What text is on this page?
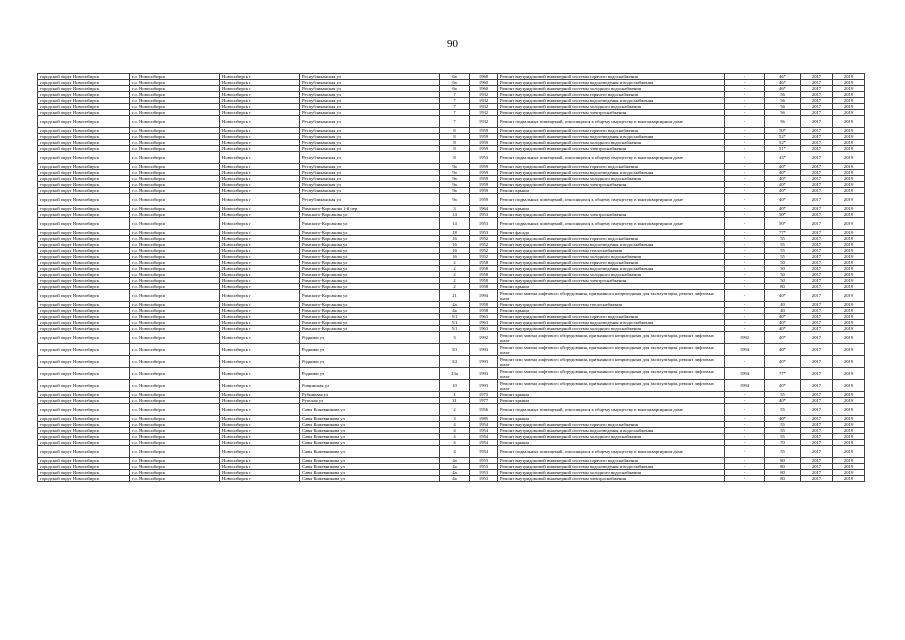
90
городской округ Новосибирск	г.о. Новосибирск	Новосибирск г	Республиканская ул	6а	1960	Ремонт внутридомовой инженерной системы горячего водоснабжения	-	46*	2017	2019
городской округ Новосибирск	г.о. Новосибирск	Новосибирск г	Республиканская ул	6а	1960	Ремонт внутридомовой инженерной системы водоотведения и водоснабжения	-	46*	2017	2019
городской округ Новосибирск	г.о. Новосибирск	Новосибирск г	Республиканская ул	6а	1960	Ремонт внутридомовой инженерной системы холодного водоснабжения	-	46*	2017	2019
городской округ Новосибирск	г.о. Новосибирск	Новосибирск г	Республиканская ул	7	1932	Ремонт внутридомовой инженерной системы горячего водоснабжения	-	56	2017	2019
городской округ Новосибирск	г.о. Новосибирск	Новосибирск г	Республиканская ул	7	1932	Ремонт внутридомовой инженерной системы водоотведения и водоснабжения	-	56	2017	2019
городской округ Новосибирск	г.о. Новосибирск	Новосибирск г	Республиканская ул	7	1932	Ремонт внутридомовой инженерной системы холодного водоснабжения	-	56	2017	2019
городской округ Новосибирск	г.о. Новосибирск	Новосибирск г	Республиканская ул	7	1932	Ремонт внутридомовой инженерной системы электроснабжения	-	56	2017	2019
городской округ Новосибирск	г.о. Новосибирск	Новосибирск г	Республиканская ул	7	1932	Ремонт подвальных помещений, относящихся к общему имуществу в многоквартирном доме	-	56	2017	2019
городской округ Новосибирск	г.о. Новосибирск	Новосибирск г	Республиканская ул	8	1959	Ремонт внутридомовой инженерной системы горячего водоснабжения	-	50*	2017	2019
городской округ Новосибирск	г.о. Новосибирск	Новосибирск г	Республиканская ул	8	1959	Ремонт внутридомовой инженерной системы водоотведения и водоснабжения	-	52*	2017	2019
городской округ Новосибирск	г.о. Новосибирск	Новосибирск г	Республиканская ул	8	1959	Ремонт внутридомовой инженерной системы холодного водоснабжения	-	52*	2017	2019
городской округ Новосибирск	г.о. Новосибирск	Новосибирск г	Республиканская ул	8	1959	Ремонт внутридомовой инженерной системы электроснабжения	-	51*	2017	2019
городской округ Новосибирск	г.о. Новосибирск	Новосибирск г	Республиканская ул	8	1953	Ремонт подвальных помещений, относящихся к общему имуществу в многоквартирном доме	-	43*	2017	2019
городской округ Новосибирск	г.о. Новосибирск	Новосибирск г	Республиканская ул	9а	1959	Ремонт внутридомовой инженерной системы горячего водоснабжения	-	40*	2017	2019
городской округ Новосибирск	г.о. Новосибирск	Новосибирск г	Республиканская ул	9а	1959	Ремонт внутридомовой инженерной системы водоотведения и водоснабжения	-	40*	2017	2019
городской округ Новосибирск	г.о. Новосибирск	Новосибирск г	Республиканская ул	9а	1959	Ремонт внутридомовой инженерной системы холодного водоснабжения	-	40*	2017	2019
городской округ Новосибирск	г.о. Новосибирск	Новосибирск г	Республиканская ул	9а	1959	Ремонт внутридомовой инженерной системы электроснабжения	-	40*	2017	2019
городской округ Новосибирск	г.о. Новосибирск	Новосибирск г	Республиканская ул	9а	1959	Ремонт крыши	-	40*	2017	2019
городской округ Новосибирск	г.о. Новосибирск	Новосибирск г	Республиканская ул	9а	1959	Ремонт подвальных помещений, относящихся к общему имуществу в многоквартирном доме	-	40*	2017	2019
городской округ Новосибирск	г.о. Новосибирск	Новосибирск г	Римского-Корсакова 1-й пер	3	1964	Ремонт крыши	-	40*	2017	2019
городской округ Новосибирск	г.о. Новосибирск	Новосибирск г	Римского-Корсакова ул	14	1953	Ремонт внутридомовой инженерной системы электроснабжения	-	50*	2017	2019
городской округ Новосибирск	г.о. Новосибирск	Новосибирск г	Римского-Корсакова ул	14	1953	Ремонт подвальных помещений, относящихся к общему имуществу в многоквартирном доме	-	50*	2017	2019
городской округ Новосибирск	г.о. Новосибирск	Новосибирск г	Римского-Корсакова ул	18	1953	Ремонт фасада	-	77*	2017	2019
городской округ Новосибирск	г.о. Новосибирск	Новосибирск г	Римского-Корсакова ул	16	1952	Ремонт внутридомовой инженерной системы горячего водоснабжения	-	55	2017	2019
городской округ Новосибирск	г.о. Новосибирск	Новосибирск г	Римского-Корсакова ул	16	1952	Ремонт внутридомовой инженерной системы водоотведения и водоснабжения	-	55	2017	2019
городской округ Новосибирск	г.о. Новосибирск	Новосибирск г	Римского-Корсакова ул	16	1952	Ремонт внутридомовой инженерной системы теплоснабжения	-	55	2017	2019
городской округ Новосибирск	г.о. Новосибирск	Новосибирск г	Римского-Корсакова ул	16	1952	Ремонт внутридомовой инженерной системы холодного водоснабжения	-	55	2017	2019
городской округ Новосибирск	г.о. Новосибирск	Новосибирск г	Римского-Корсакова ул	2	1958	Ремонт внутридомовой инженерной системы горячего водоснабжения	-	50	2017	2019
городской округ Новосибирск	г.о. Новосибирск	Новосибирск г	Римского-Корсакова ул	2	1958	Ремонт внутридомовой инженерной системы водоотведения и водоснабжения	-	50	2017	2019
городской округ Новосибирск	г.о. Новосибирск	Новосибирск г	Римского-Корсакова ул	2	1958	Ремонт внутридомовой инженерной системы холодного водоснабжения	-	50	2017	2019
городской округ Новосибирск	г.о. Новосибирск	Новосибирск г	Римского-Корсакова ул	2	1958	Ремонт внутридомовой инженерной системы электроснабжения	-	50	2017	2019
городской округ Новосибирск	г.о. Новосибирск	Новосибирск г	Римского-Корсакова ул	2	1958	Ремонт крыши	-	80	2017	2019
городской округ Новосибирск	г.о. Новосибирск	Новосибирск г	Римского-Корсакова ул	21	1994	Ремонт или замена лифтового оборудования, признанного непригодным для эксплуатации, ремонт лифтовых шахт	-	40*	2017	2019
городской округ Новосибирск	г.о. Новосибирск	Новосибирск г	Римского-Корсакова ул	4а	1958	Ремонт внутридомовой инженерной системы теплоснабжения	-	40	2017	2019
городской округ Новосибирск	г.о. Новосибирск	Новосибирск г	Римского-Корсакова ул	4а	1958	Ремонт крыши	-	40	2017	2019
городской округ Новосибирск	г.о. Новосибирск	Новосибирск г	Римского-Корсакова ул	5/1	1963	Ремонт внутридомовой инженерной системы горячего водоснабжения	-	40*	2017	2019
городской округ Новосибирск	г.о. Новосибирск	Новосибирск г	Римского-Корсакова ул	5/1	1963	Ремонт внутридомовой инженерной системы водоотведения и водоснабжения	-	40*	2017	2019
городской округ Новосибирск	г.о. Новосибирск	Новосибирск г	Римского-Корсакова ул	5/1	1963	Ремонт внутридомовой инженерной системы холодного водоснабжения	-	40*	2017	2019
городской округ Новосибирск	г.о. Новосибирск	Новосибирск г	Родники ул	3	1992	Ремонт или замена лифтового оборудования, признанного непригодным для эксплуатации, ремонт лифтовых шахт	1992	40*	2017	2019
городской округ Новосибирск	г.о. Новосибирск	Новосибирск г	Родники ул	3/1	1993	Ремонт или замена лифтового оборудования, признанного непригодным для эксплуатации, ремонт лифтовых шахт	1994	40*	2017	2019
городской округ Новосибирск	г.о. Новосибирск	Новосибирск г	Родники ул	3/2	1993	Ремонт или замена лифтового оборудования, признанного непригодным для эксплуатации, ремонт лифтовых шахт	-	40*	2017	2019
городской округ Новосибирск	г.о. Новосибирск	Новосибирск г	Родники ул	23а	1993	Ремонт или замена лифтового оборудования, признанного непригодным для эксплуатации, ремонт лифтовых шахт	1994	77*	2017	2019
городской округ Новосибирск	г.о. Новосибирск	Новосибирск г	Рощинская ул	10	1993	Ремонт или замена лифтового оборудования, признанного непригодным для эксплуатации, ремонт лифтовых шахт	1994	40*	2017	2019
городской округ Новосибирск	г.о. Новосибирск	Новосибирск г	Рубиновая ул	1	1973	Ремонт крыши	-	55	2017	2019
городской округ Новосибирск	г.о. Новосибирск	Новосибирск г	Рупская ул	31	1977	Ремонт крыши	-	40*	2017	2019
городской округ Новосибирск	г.о. Новосибирск	Новосибирск г	Савы Кожевникова ул	2	1956	Ремонт подвальных помещений, относящихся к общему имуществу в многоквартирном доме	-	55	2017	2019
городской округ Новосибирск	г.о. Новосибирск	Новосибирск г	Савы Кожевникова ул	3	1985	Ремонт крыши	-	40*	2017	2019
городской округ Новосибирск	г.о. Новосибирск	Новосибирск г	Савы Кожевникова ул	4	1954	Ремонт внутридомовой инженерной системы горячего водоснабжения	-	55	2017	2019
городской округ Новосибирск	г.о. Новосибирск	Новосибирск г	Савы Кожевникова ул	4	1954	Ремонт внутридомовой инженерной системы водоотведения и водоснабжения	-	55	2017	2019
городской округ Новосибирск	г.о. Новосибирск	Новосибирск г	Савы Кожевникова ул	4	1954	Ремонт внутридомовой инженерной системы холодного водоснабжения	-	55	2017	2019
городской округ Новосибирск	г.о. Новосибирск	Новосибирск г	Савы Кожевникова ул	4	1954	Ремонт крыши	-	70	2017	2019
городской округ Новосибирск	г.о. Новосибирск	Новосибирск г	Савы Кожевникова ул	4	1954	Ремонт подвальных помещений, относящихся к общему имуществу в многоквартирном доме	-	55	2017	2019
городской округ Новосибирск	г.о. Новосибирск	Новосибирск г	Савы Кожевникова ул	4а	1953	Ремонт внутридомовой инженерной системы горячего водоснабжения	-	80	2017	2019
городской округ Новосибирск	г.о. Новосибирск	Новосибирск г	Савы Кожевникова ул	4а	1953	Ремонт внутридомовой инженерной системы водоотведения и водоснабжения	-	80	2017	2019
городской округ Новосибирск	г.о. Новосибирск	Новосибирск г	Савы Кожевникова ул	4а	1953	Ремонт внутридомовой инженерной системы холодного водоснабжения	-	80	2017	2019
городской округ Новосибирск	г.о. Новосибирск	Новосибирск г	Савы Кожевникова ул	4а	1953	Ремонт внутридомовой инженерной системы электроснабжения	-	80	2017	2019
